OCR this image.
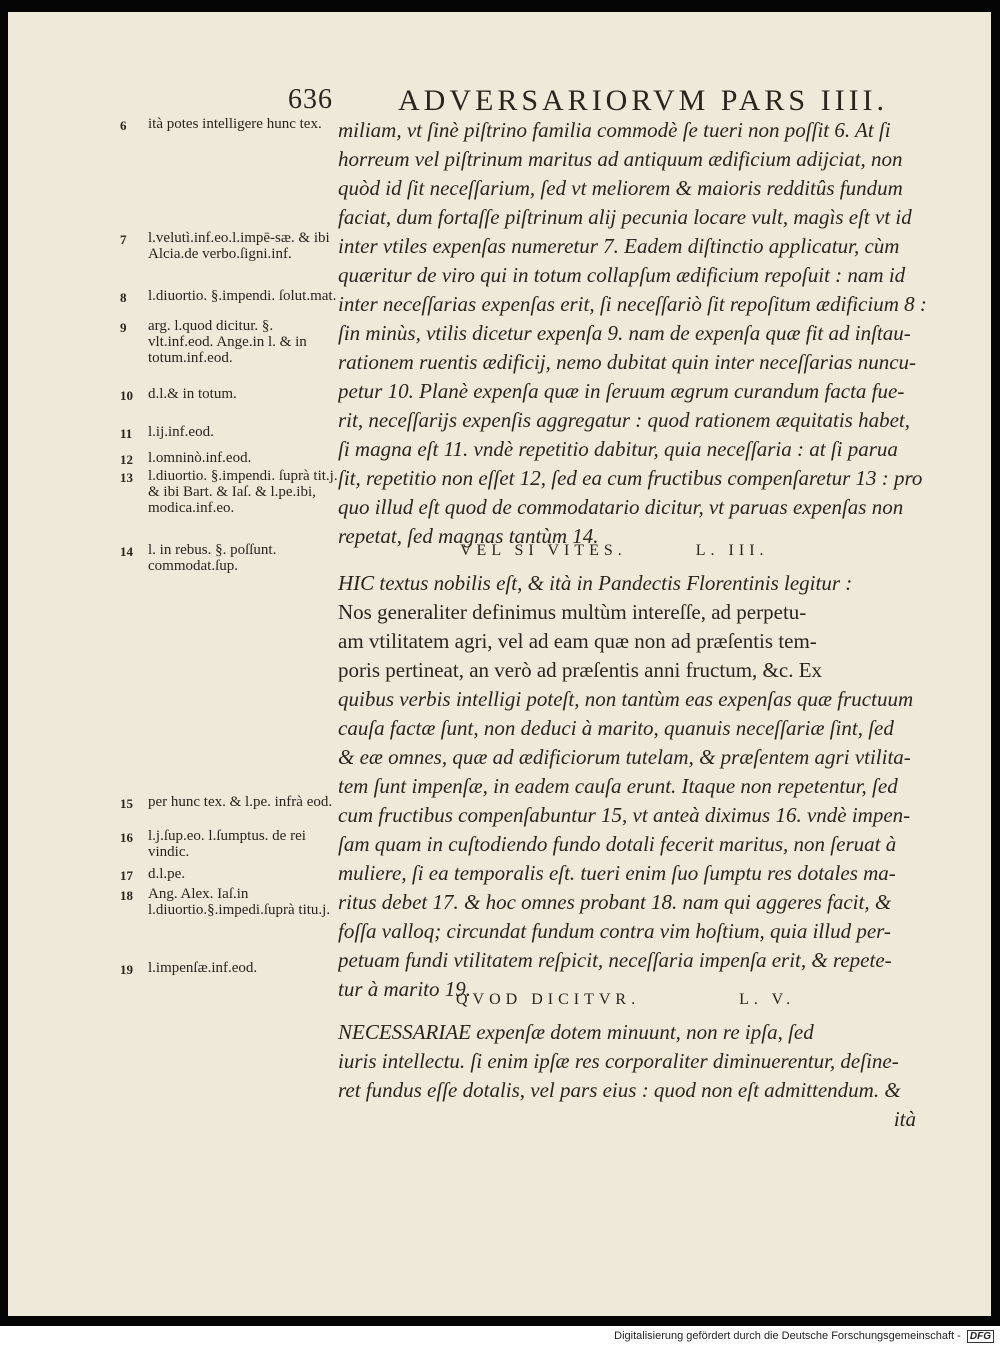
636 ADVERSARIORVM PARS IIII.
6	ità potes intelligere hunc tex.
7	l.velutì.inf.eo.l.impē-sæ. & ibi Alcia.de verbo.ſigni.inf.
8	l.diuortio. §.impendi. ſolut.mat.
9	arg. l.quod dicitur. §. vlt.inf.eod. Ange.in l. & in totum.inf.eod.
10	d.l.& in totum.
11	l.ij.inf.eod.
12	l.omninò.inf.eod.
13	l.diuortio. §.impendi. ſuprà tit.j. & ibi Bart. & Iaſ. & l.pe.ibi, modica.inf.eo.
14	l. in rebus. §. poſſunt. commodat.ſup.
15	per hunc tex. & l.pe. infrà eod.
16	l.j.ſup.eo. l.ſumptus. de rei vindic.
17	d.l.pe.
18	Ang. Alex. Iaſ.in l.diuortio.§.impedi.ſuprà titu.j.
19	l.impenſæ.inf.eod.
miliam, vt ſinè piſtrino familia commodè ſe tueri non poſſit 6. At ſi
horreum vel piſtrinum maritus ad antiquum ædificium adijciat, non
quòd id ſit neceſſarium, ſed vt meliorem & maioris redditûs fundum
faciat, dum fortaſſe piſtrinum alij pecunia locare vult, magìs eſt vt id
inter vtiles expenſas numeretur 7. Eadem diſtinctio applicatur, cùm
quæritur de viro qui in totum collapſum ædificium repoſuit : nam id
inter neceſſarias expenſas erit, ſi neceſſariò ſit repoſitum ædificium 8 :
ſin minùs, vtilis dicetur expenſa 9. nam de expenſa quæ fit ad inſtau-
rationem ruentis ædificij, nemo dubitat quin inter neceſſarias nuncu-
petur 10. Planè expenſa quæ in ſeruum ægrum curandum facta fue-
rit, neceſſarijs expenſis aggregatur : quod rationem æquitatis habet,
ſi magna eſt 11. vndè repetitio dabitur, quia neceſſaria : at ſi parua
ſit, repetitio non eſſet 12, ſed ea cum fructibus compenſaretur 13 : pro
quo illud eſt quod de commodatario dicitur, vt paruas expenſas non
repetat, ſed magnas tantùm 14.
VEL SI VITES.	L. III.
HIC textus nobilis eſt, & ità in Pandectis Florentinis legitur :
Nos generaliter definimus multùm intereſſe, ad perpetu-
am vtilitatem agri, vel ad eam quæ non ad præſentis tem-
poris pertineat, an verò ad præſentis anni fructum, &c. Ex
quibus verbis intelligi poteſt, non tantùm eas expenſas quæ fructuum
cauſa factæ ſunt, non deduci à marito, quanuis neceſſariæ ſint, ſed
& eæ omnes, quæ ad ædificiorum tutelam, & præſentem agri vtilita-
tem ſunt impenſæ, in eadem cauſa erunt. Itaque non repetentur, ſed
cum fructibus compenſabuntur 15, vt anteà diximus 16. vndè impen-
ſam quam in cuſtodiendo fundo dotali fecerit maritus, non ſeruat à
muliere, ſi ea temporalis eſt. tueri enim ſuo ſumptu res dotales ma-
ritus debet 17. & hoc omnes probant 18. nam qui aggeres facit, &
foſſa valloq; circundat fundum contra vim hoſtium, quia illud per-
petuam fundi vtilitatem reſpicit, neceſſaria impenſa erit, & repete-
tur à marito 19.
QVOD DICITVR.	L. V.
NECESSARIAE expenſæ dotem minuunt, non re ipſa, ſed
iuris intellectu. ſi enim ipſæ res corporaliter diminuerentur, deſine-
ret fundus eſſe dotalis, vel pars eius : quod non eſt admittendum. &
ità
Digitalisierung gefördert durch die Deutsche Forschungsgemeinschaft - DFG
